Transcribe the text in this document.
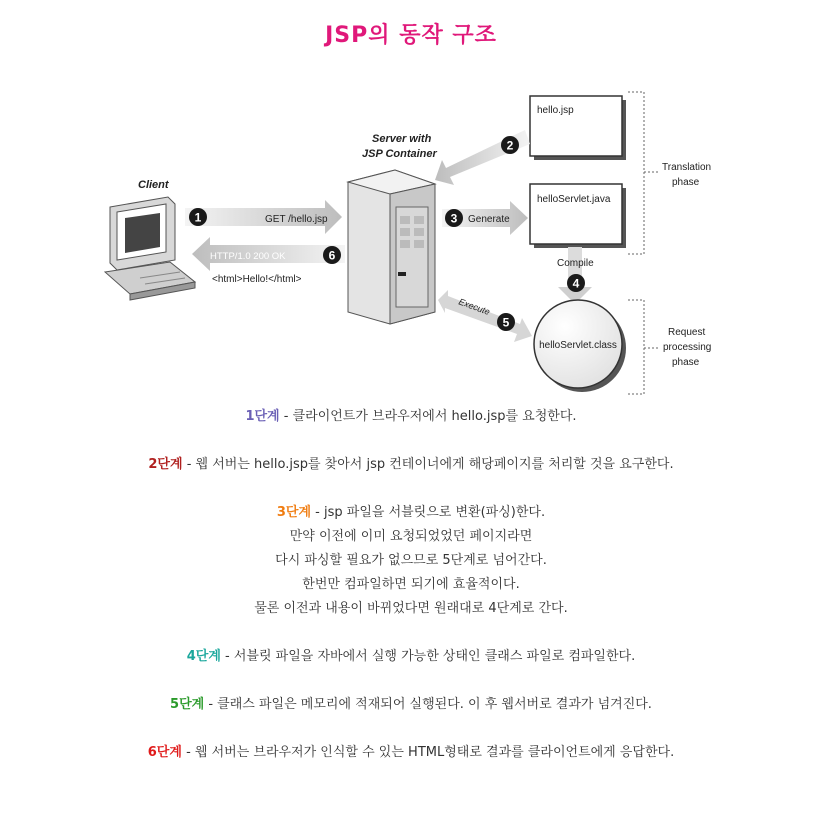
JSP의 동작 구조
Client
Server with
JSP Container
1	GET /hello.jsp
HTTP/1.0 200 OK	6
<html>Hello!</html>
hello.jsp
Read
2
helloServlet.java
3 Generate
Compile
4
helloServlet.class
Execute
5
Translation
phase
Request
processing
phase
1단계 - 클라이언트가 브라우저에서 hello.jsp를 요청한다.
2단계 - 웹 서버는 hello.jsp를 찾아서 jsp 컨테이너에게 해당페이지를 처리할 것을 요구한다.
3단계 - jsp 파일을 서블릿으로 변환(파싱)한다.
만약 이전에 이미 요청되었었던 페이지라면
다시 파싱할 필요가 없으므로 5단계로 넘어간다.
한번만 컴파일하면 되기에 효율적이다.
물론 이전과 내용이 바뀌었다면 원래대로 4단계로 간다.
4단계 - 서블릿 파일을 자바에서 실행 가능한 상태인 클래스 파일로 컴파일한다.
5단계 - 클래스 파일은 메모리에 적재되어 실행된다. 이 후 웹서버로 결과가 넘겨진다.
6단계 - 웹 서버는 브라우저가 인식할 수 있는 HTML형태로 결과를 클라이언트에게 응답한다.
